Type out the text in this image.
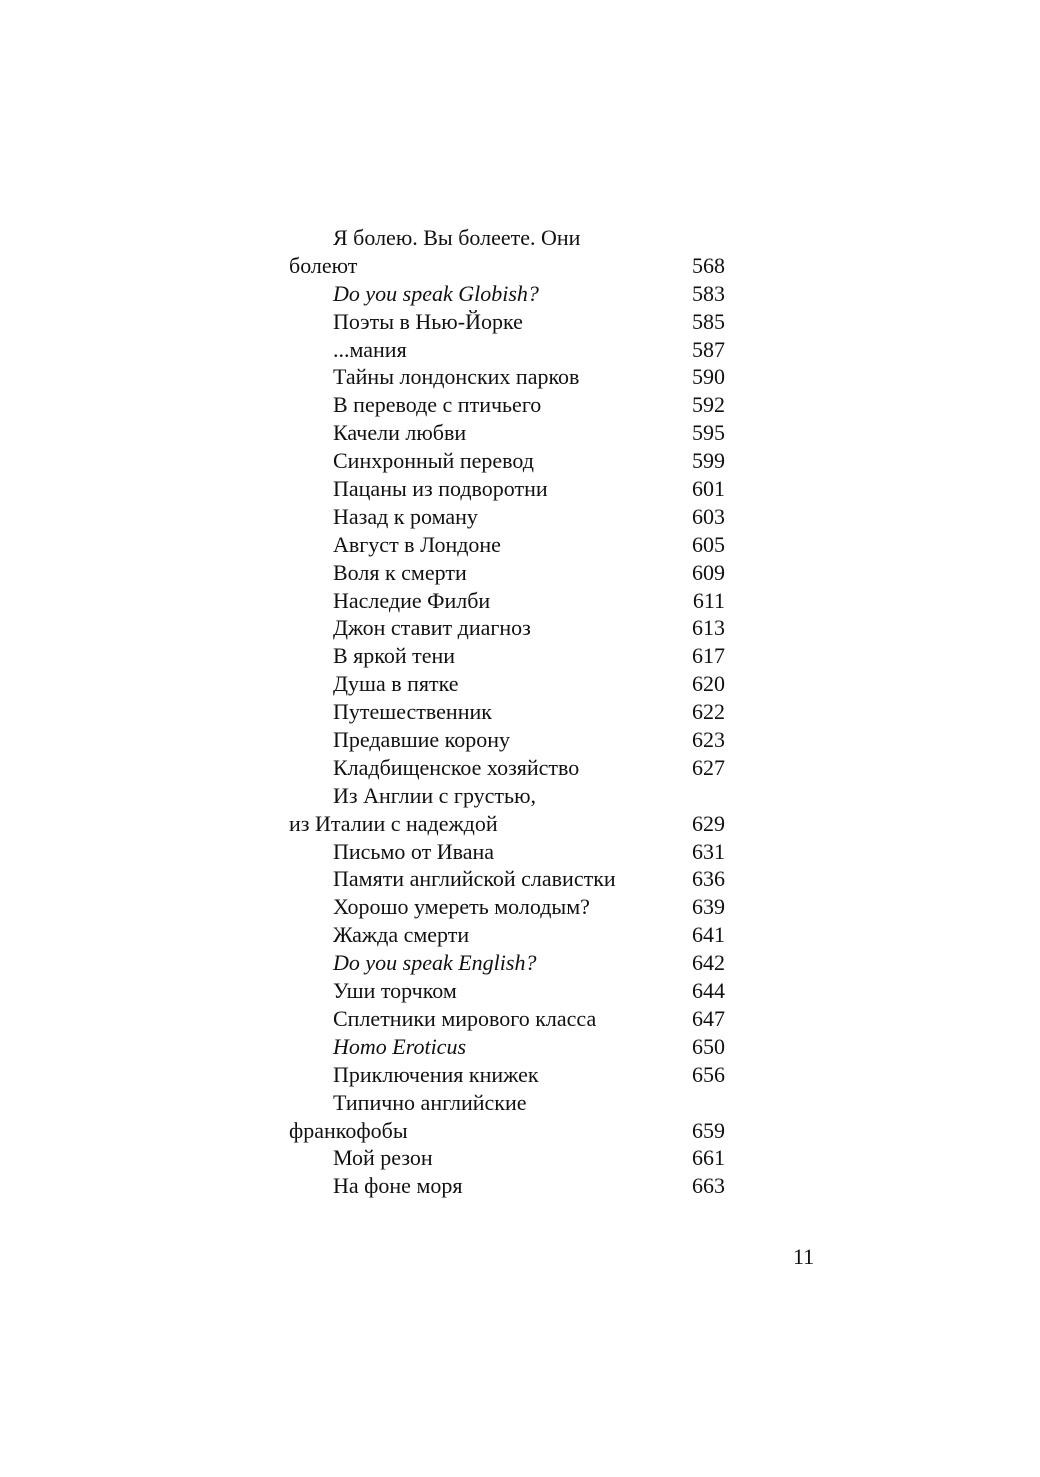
Я болею. Вы болеете. Они
болеют	568
Do you speak Globish?	583
Поэты в Нью-Йорке	585
...мания	587
Тайны лондонских парков	590
В переводе с птичьего	592
Качели любви	595
Синхронный перевод	599
Пацаны из подворотни	601
Назад к роману	603
Август в Лондоне	605
Воля к смерти	609
Наследие Филби	611
Джон ставит диагноз	613
В яркой тени	617
Душа в пятке	620
Путешественник	622
Предавшие корону	623
Кладбищенское хозяйство	627
Из Англии с грустью,
из Италии с надеждой	629
Письмо от Ивана	631
Памяти английской славистки	636
Хорошо умереть молодым?	639
Жажда смерти	641
Do you speak English?	642
Уши торчком	644
Сплетники мирового класса	647
Homo Eroticus	650
Приключения книжек	656
Типично английские
франкофобы	659
Мой резон	661
На фоне моря	663
11
